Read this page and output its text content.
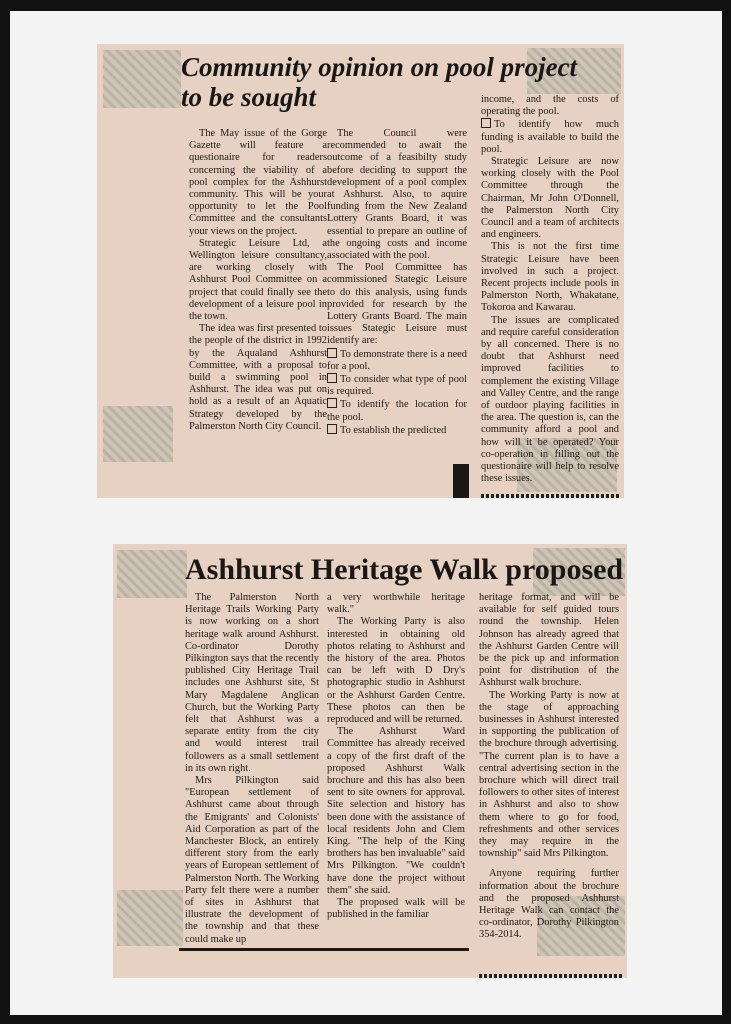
Community opinion on pool project
to be sought

The May issue of the Gorge Gazette will feature a questionaire for readers concerning the viability of a pool complex for the Ashhurst community. This will be your opportunity to let the Pool Committee and the consultants your views on the project.

Strategic Leisure Ltd, a Wellington leisure consultancy, are working closely with Ashhurst Pool Committee on a project that could finally see the development of a leisure pool in the town.

The idea was first presented to the people of the district in 1992 by the Aqualand Ashhurst Committee, with a proposal to build a swimming pool in Ashhurst. The idea was put on hold as a result of an Aquatic Strategy developed by the Palmerston North City Council.

The Council were recommended to await the outcome of a feasibilty study before deciding to support the development of a pool complex at Ashhurst. Also, to aquire funding from the New Zealand Lottery Grants Board, it was essential to prepare an outline of the ongoing costs and income associated with the pool.

The Pool Committee has commissioned Stategic Leisure to do this analysis, using funds provided for research by the Lottery Grants Board. The main issues Stategic Leisure must identify are:

To demonstrate there is a need for a pool.

To consider what type of pool is required.

To identify the location for the pool.

To establish the predicted

income, and the costs of operating the pool.

To identify how much funding is available to build the pool.

Strategic Leisure are now working closely with the Pool Committee through the Chairman, Mr John O'Donnell, the Palmerston North City Council and a team of architects and engineers.

This is not the first time Strategic Leisure have been involved in such a project. Recent projects include pools in Palmerston North, Whakatane, Tokoroa and Kawarau.

The issues are complicated and require careful consideration by all concerned. There is no doubt that Ashhurst need improved facilities to complement the existing Village and Valley Centre, and the range of outdoor playing facilities in the area. The question is, can the community afford a pool and how will it be operated? Your co-operation in filling out the questionaire will help to resolve these issues.

Ashhurst Heritage Walk proposed

The Palmerston North Heritage Trails Working Party is now working on a short heritage walk around Ashhurst. Co-ordinator Dorothy Pilkington says that the recently published City Heritage Trail includes one Ashhurst site, St Mary Magdalene Anglican Church, but the Working Party felt that Ashhurst was a separate entity from the city and would interest trail followers as a small settlement in its own right.

Mrs Pilkington said "European settlement of Ashhurst came about through the Emigrants' and Colonists' Aid Corporation as part of the Manchester Block, an entirely different story from the early years of European settlement of Palmerston North. The Working Party felt there were a number of sites in Ashhurst that illustrate the development of the township and that these could make up

a very worthwhile heritage walk."

The Working Party is also interested in obtaining old photos relating to Ashhurst and the history of the area. Photos can be left with D Dry's photographic studio in Ashhurst or the Ashhurst Garden Centre. These photos can then be reproduced and will be returned.

The Ashhurst Ward Committee has already received a copy of the first draft of the proposed Ashhurst Walk brochure and this has also been sent to site owners for approval. Site selection and history has been done with the assistance of local residents John and Clem King. "The help of the King brothers has ben invaluable" said Mrs Pilkington. "We couldn't have done the project without them" she said.

The proposed walk will be published in the familiar

heritage format, and will be available for self guided tours round the township. Helen Johnson has already agreed that the Ashhurst Garden Centre will be the pick up and information point for distribution of the Ashhurst walk brochure.

The Working Party is now at the stage of approaching businesses in Ashhurst interested in supporting the publication of the brochure through advertising. "The current plan is to have a central advertising section in the brochure which will direct trail followers to other sites of interest in Ashhurst and also to show them where to go for food, refreshments and other services they may require in the township" said Mrs Pilkington.

Anyone requiring further information about the brochure and the proposed Ashhurst Heritage Walk can contact the co-ordinator, Dorothy Pilkington 354-2014.
